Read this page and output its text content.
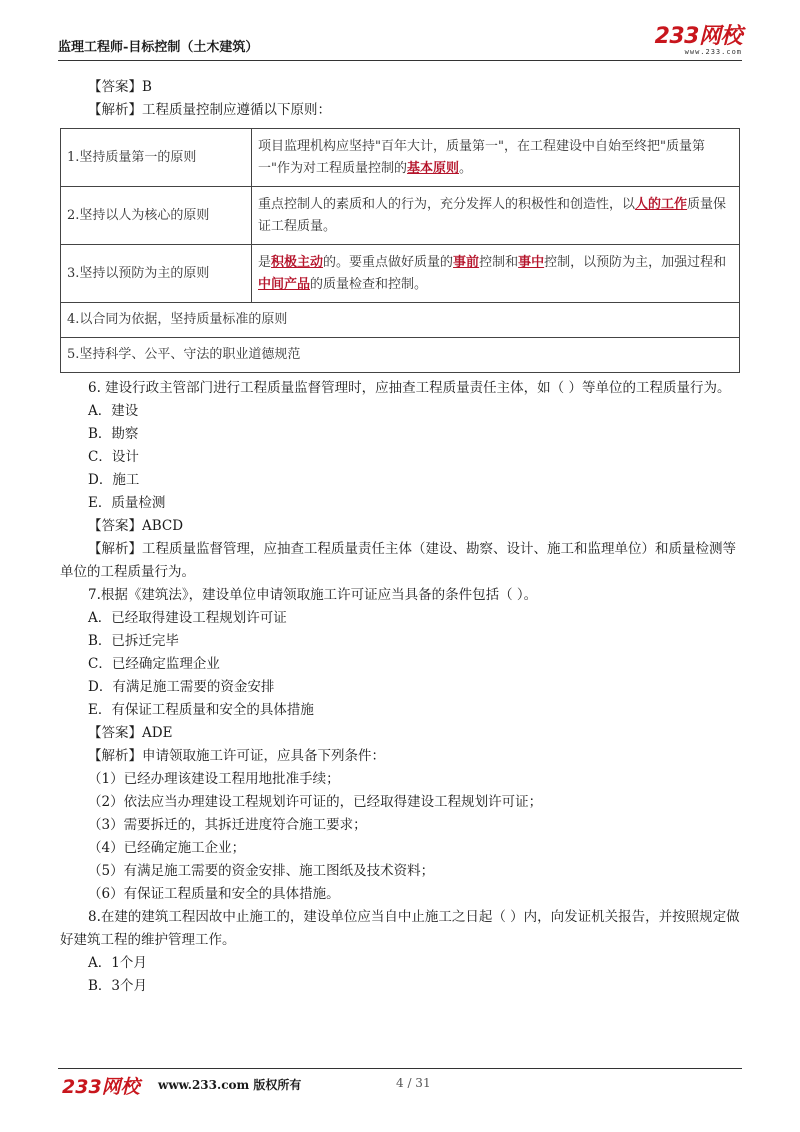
监理工程师-目标控制（土木建筑）	233网校
www.233.com
【答案】B
【解析】工程质量控制应遵循以下原则：
1.坚持质量第一的原则	项目监理机构应坚持"百年大计，质量第一"，在工程建设中自始至终把"质量第一"作为对工程质量控制的基本原则。
2.坚持以人为核心的原则	重点控制人的素质和人的行为，充分发挥人的积极性和创造性，以人的工作质量保证工程质量。
3.坚持以预防为主的原则	是积极主动的。要重点做好质量的事前控制和事中控制，以预防为主，加强过程和中间产品的质量检查和控制。
4.以合同为依据，坚持质量标准的原则	
5.坚持科学、公平、守法的职业道德规范	
6. 建设行政主管部门进行工程质量监督管理时，应抽查工程质量责任主体，如（ ）等单位的工程质量行为。
A．建设
B．勘察
C．设计
D．施工
E．质量检测
【答案】ABCD
【解析】工程质量监督管理，应抽查工程质量责任主体（建设、勘察、设计、施工和监理单位）和质量检测等单位的工程质量行为。
7.根据《建筑法》，建设单位申请领取施工许可证应当具备的条件包括（ ）。
A．已经取得建设工程规划许可证
B．已拆迁完毕
C．已经确定监理企业
D．有满足施工需要的资金安排
E．有保证工程质量和安全的具体措施
【答案】ADE
【解析】申请领取施工许可证，应具备下列条件：
（1）已经办理该建设工程用地批准手续；
（2）依法应当办理建设工程规划许可证的，已经取得建设工程规划许可证；
（3）需要拆迁的，其拆迁进度符合施工要求；
（4）已经确定施工企业；
（5）有满足施工需要的资金安排、施工图纸及技术资料；
（6）有保证工程质量和安全的具体措施。
8.在建的建筑工程因故中止施工的，建设单位应当自中止施工之日起（ ）内，向发证机关报告，并按照规定做好建筑工程的维护管理工作。
A．1个月
B．3个月
233网校 www.233.com 版权所有	4 / 31
